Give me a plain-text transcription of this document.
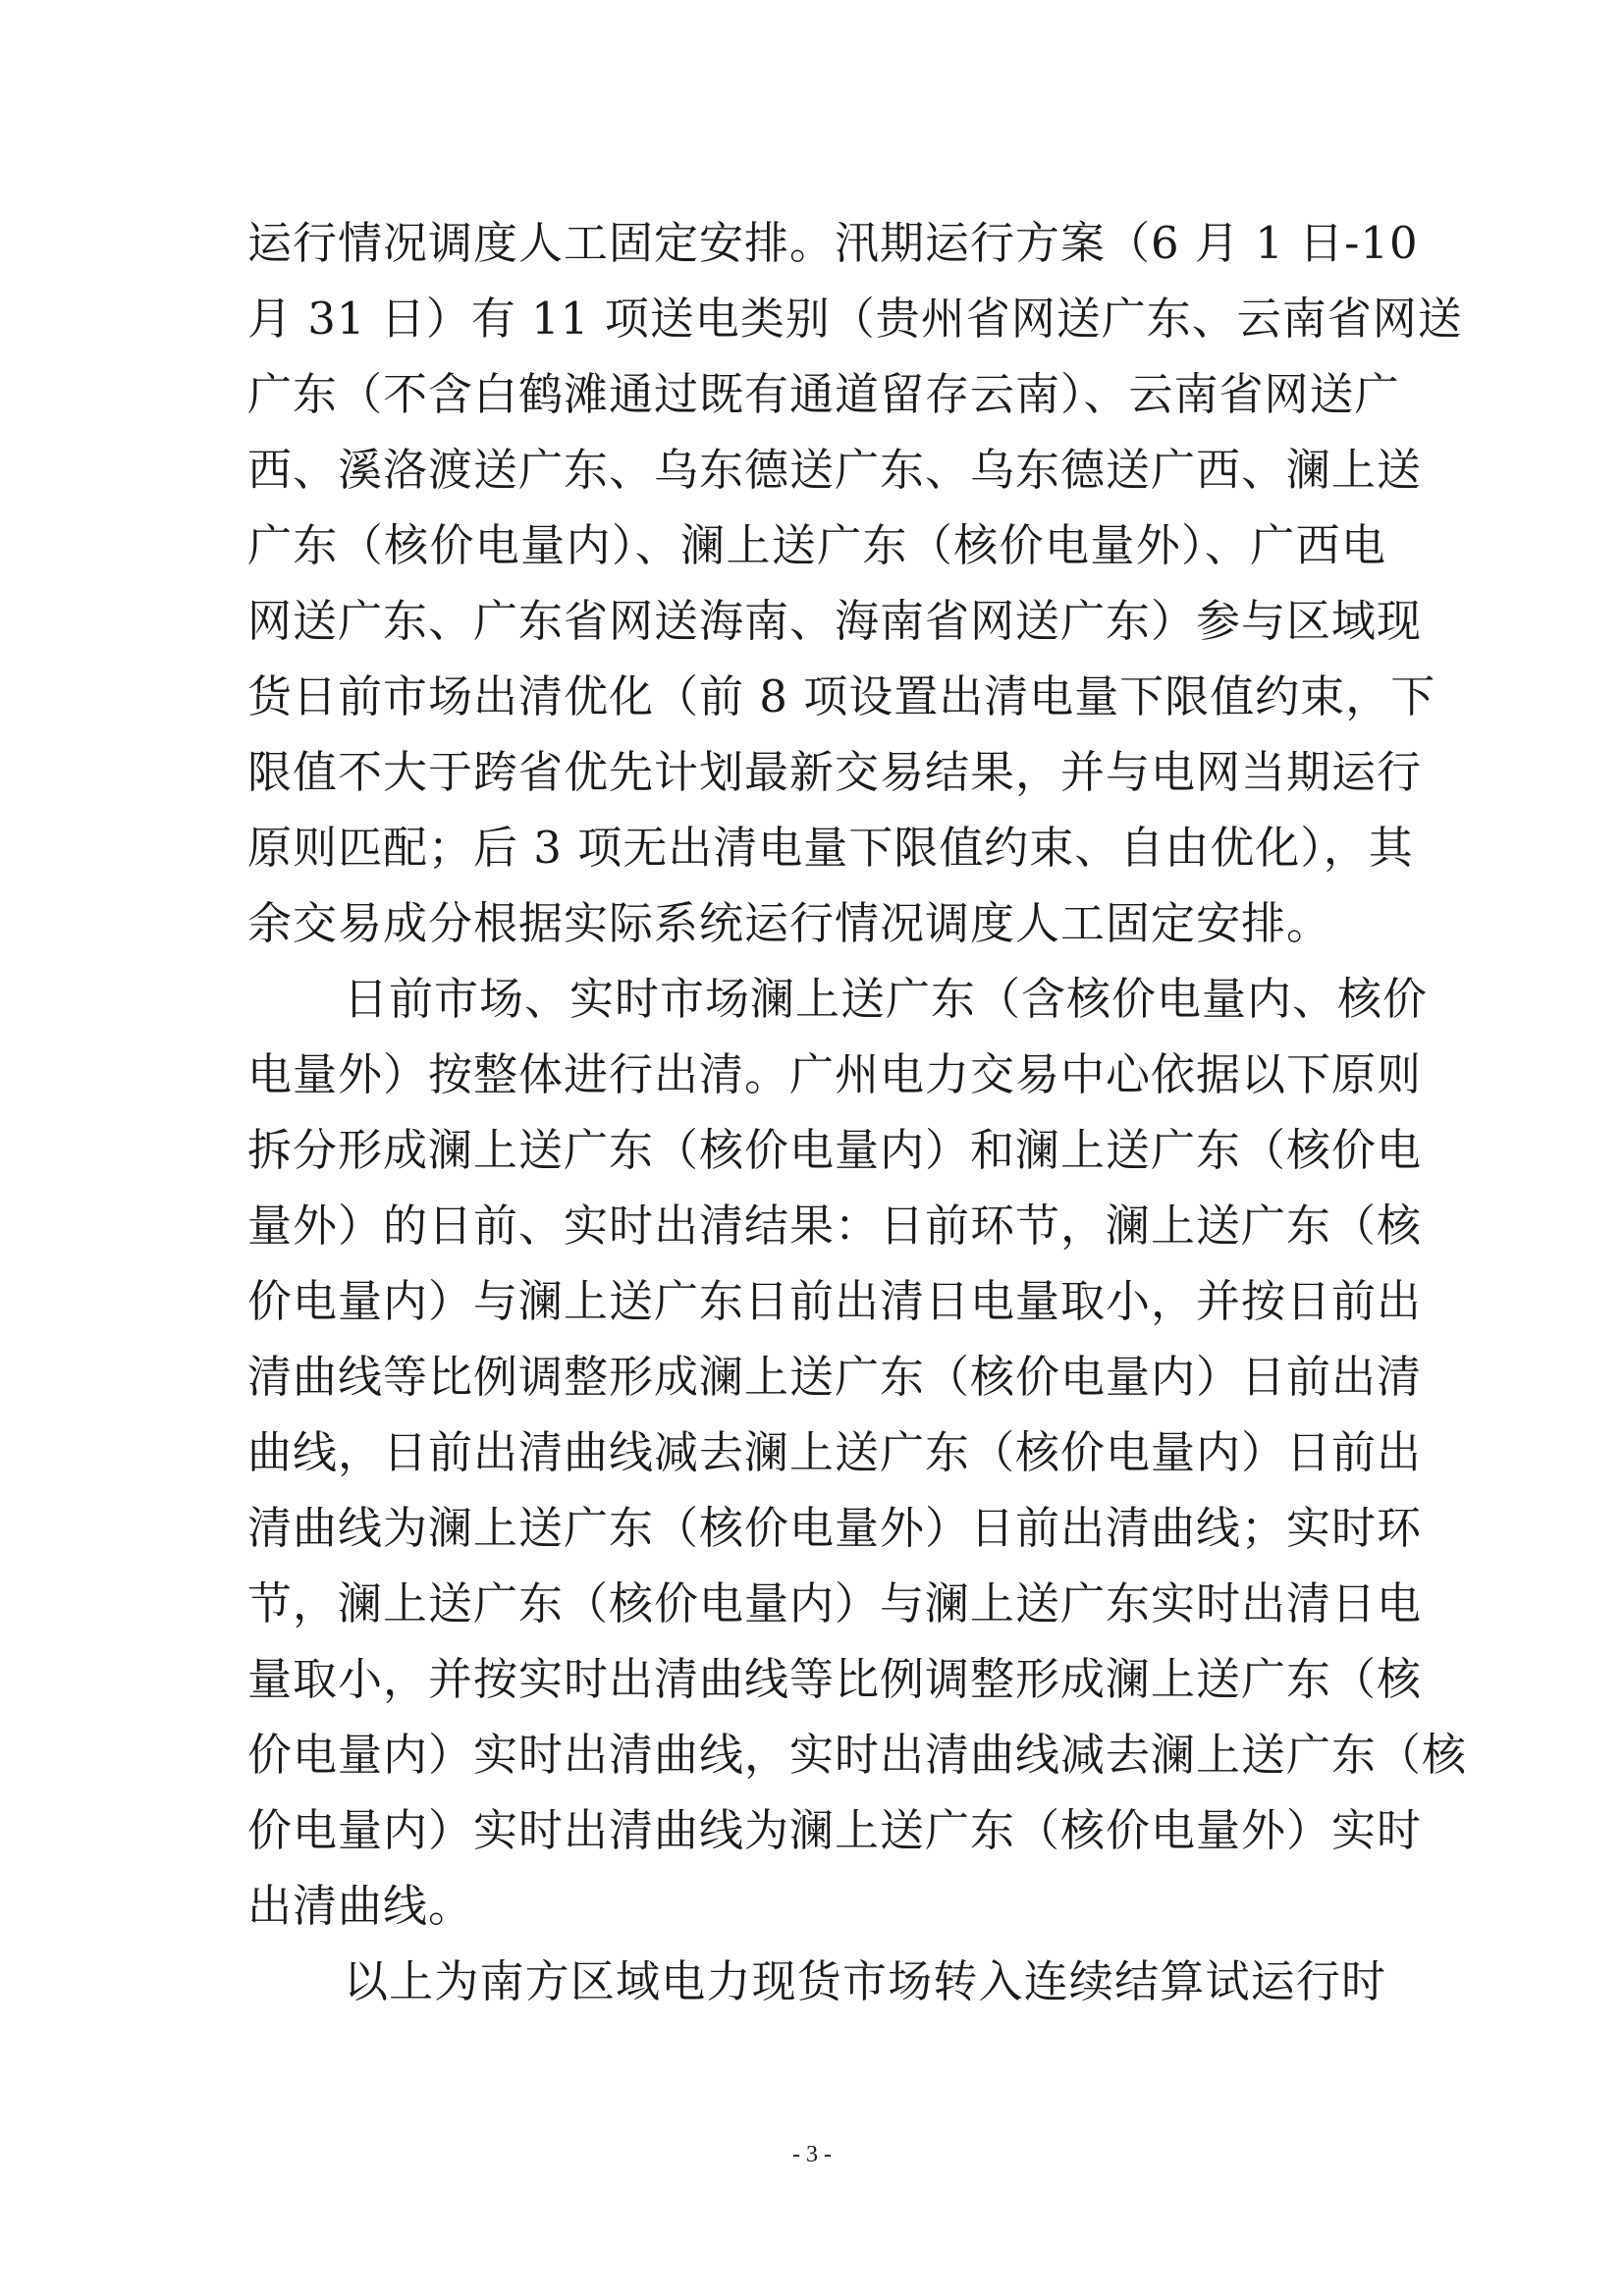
运行情况调度人工固定安排。汛期运行方案（6 月 1 日-10
月 31 日）有 11 项送电类别（贵州省网送广东、云南省网送
广东（不含白鹤滩通过既有通道留存云南）、云南省网送广
西、溪洛渡送广东、乌东德送广东、乌东德送广西、澜上送
广东（核价电量内）、澜上送广东（核价电量外）、广西电
网送广东、广东省网送海南、海南省网送广东）参与区域现
货日前市场出清优化（前 8 项设置出清电量下限值约束，下
限值不大于跨省优先计划最新交易结果，并与电网当期运行
原则匹配；后 3 项无出清电量下限值约束、自由优化），其
余交易成分根据实际系统运行情况调度人工固定安排。
日前市场、实时市场澜上送广东（含核价电量内、核价
电量外）按整体进行出清。广州电力交易中心依据以下原则
拆分形成澜上送广东（核价电量内）和澜上送广东（核价电
量外）的日前、实时出清结果：日前环节，澜上送广东（核
价电量内）与澜上送广东日前出清日电量取小，并按日前出
清曲线等比例调整形成澜上送广东（核价电量内）日前出清
曲线，日前出清曲线减去澜上送广东（核价电量内）日前出
清曲线为澜上送广东（核价电量外）日前出清曲线；实时环
节，澜上送广东（核价电量内）与澜上送广东实时出清日电
量取小，并按实时出清曲线等比例调整形成澜上送广东（核
价电量内）实时出清曲线，实时出清曲线减去澜上送广东（核
价电量内）实时出清曲线为澜上送广东（核价电量外）实时
出清曲线。
以上为南方区域电力现货市场转入连续结算试运行时
- 3 -
